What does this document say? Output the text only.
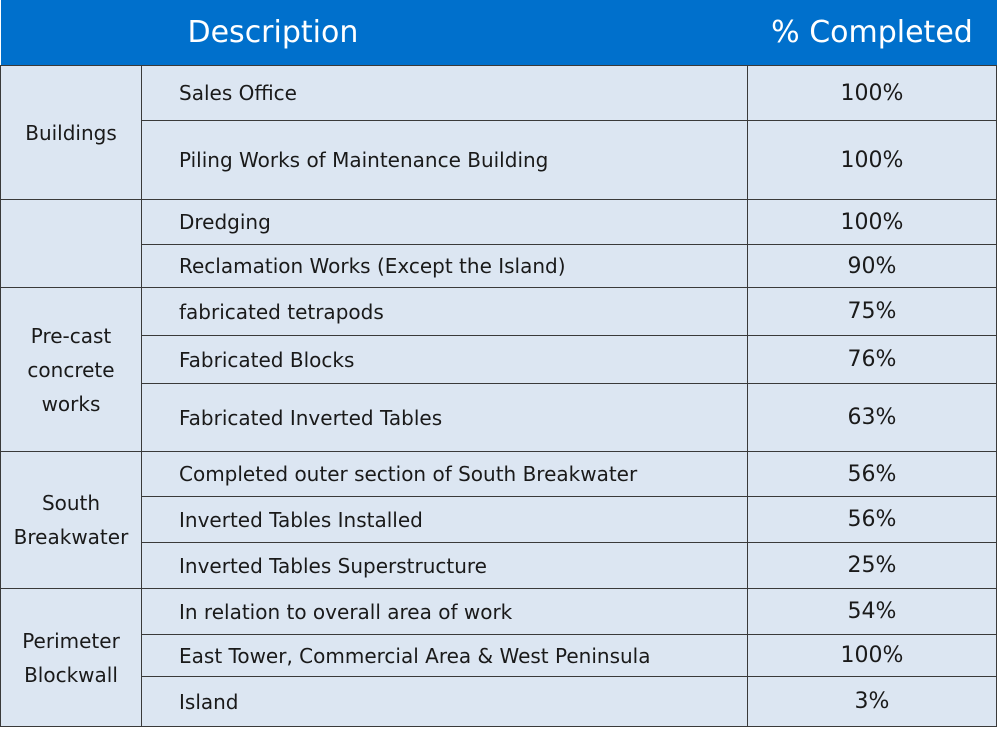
	Description	% Completed
Buildings	Sales Office	100%
	Piling Works of Maintenance Building	100%
	Dredging	100%
	Reclamation Works (Except the Island)	90%
Pre-cast concrete works	fabricated tetrapods	75%
	Fabricated Blocks	76%
	Fabricated Inverted Tables	63%
South Breakwater	Completed outer section of South Breakwater	56%
	Inverted Tables Installed	56%
	Inverted Tables Superstructure	25%
Perimeter Blockwall	In relation to overall area of work	54%
	East Tower, Commercial Area & West Peninsula	100%
	Island	3%
